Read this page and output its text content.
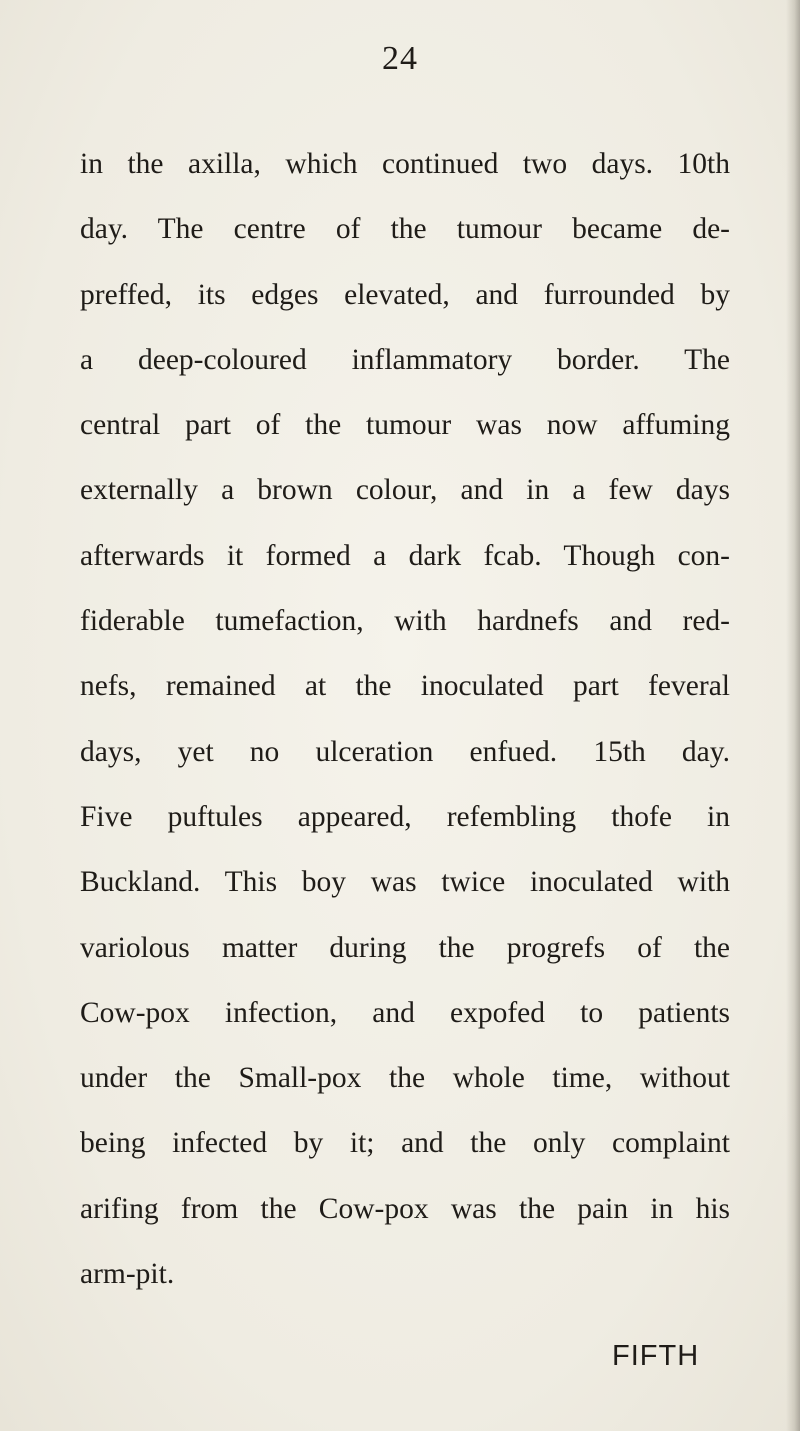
24
in the axilla, which continued two days. 10th
day. The centre of the tumour became de-
preffed, its edges elevated, and furrounded by
a deep-coloured inflammatory border. The
central part of the tumour was now affuming
externally a brown colour, and in a few days
afterwards it formed a dark fcab. Though con-
fiderable tumefaction, with hardnefs and red-
nefs, remained at the inoculated part feveral
days, yet no ulceration enfued. 15th day.
Five puftules appeared, refembling thofe in
Buckland. This boy was twice inoculated with
variolous matter during the progrefs of the
Cow-pox infection, and expofed to patients
under the Small-pox the whole time, without
being infected by it; and the only complaint
arifing from the Cow-pox was the pain in his
arm-pit.
FIFTH
